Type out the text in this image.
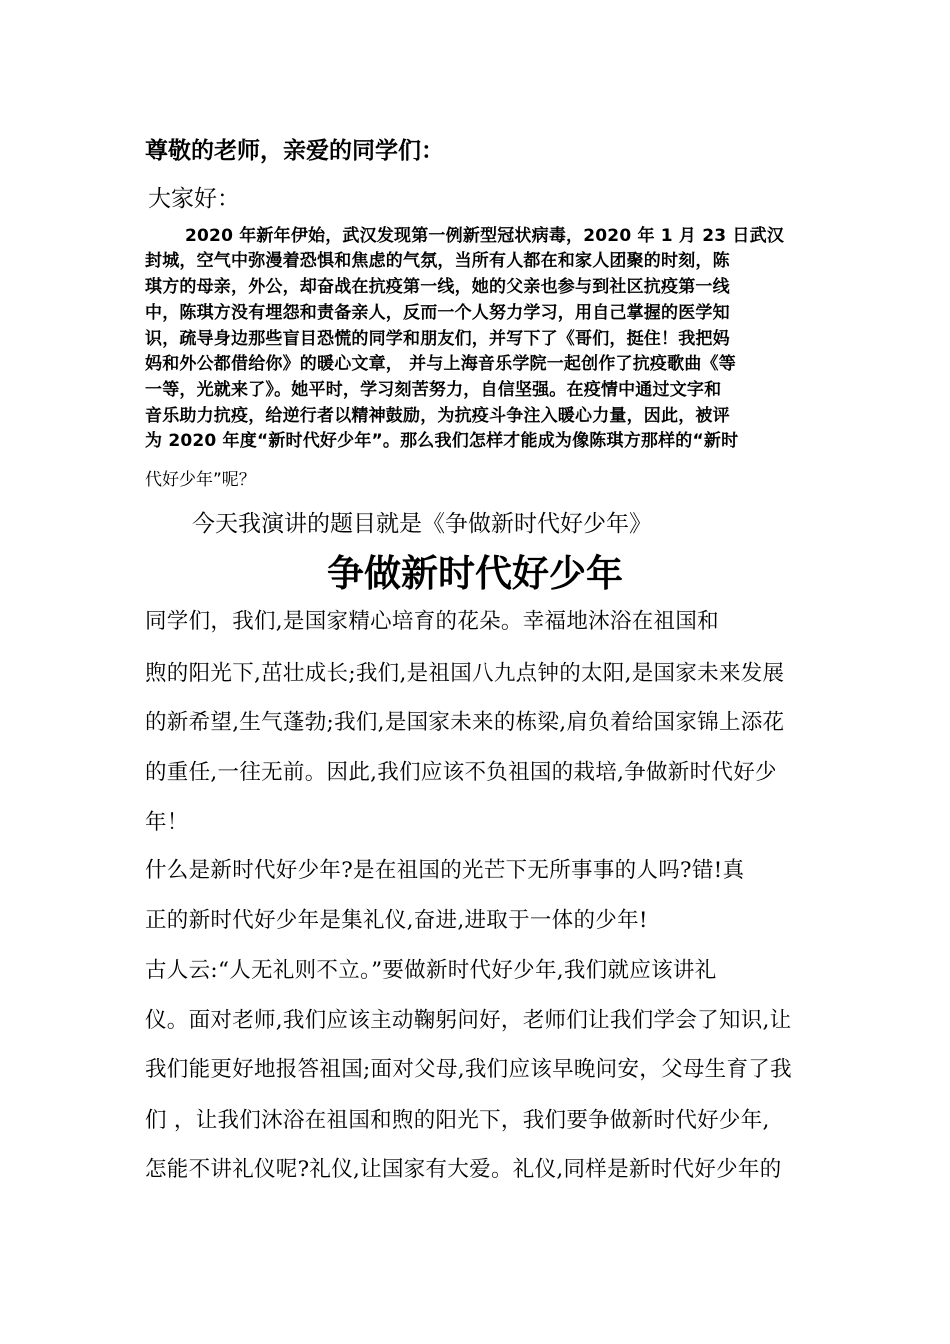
尊敬的老师，亲爱的同学们：

大家好：

2020 年新年伊始，武汉发现第一例新型冠状病毒，2020 年 1 月 23 日武汉

封城，空气中弥漫着恐惧和焦虑的气氛，当所有人都在和家人团聚的时刻，陈

琪方的母亲，外公，却奋战在抗疫第一线，她的父亲也参与到社区抗疫第一线

中，陈琪方没有埋怨和责备亲人，反而一个人努力学习，用自己掌握的医学知

识，疏导身边那些盲目恐慌的同学和朋友们，并写下了《哥们，挺住！我把妈

妈和外公都借给你》的暖心文章， 并与上海音乐学院一起创作了抗疫歌曲《等

一等，光就来了》。她平时，学习刻苦努力，自信坚强。在疫情中通过文字和

音乐助力抗疫，给逆行者以精神鼓励，为抗疫斗争注入暖心力量，因此，被评

为 2020 年度“新时代好少年”。那么我们怎样才能成为像陈琪方那样的“新时

代好少年”呢？

今天我演讲的题目就是《争做新时代好少年》

争做新时代好少年

同学们，我们,是国家精心培育的花朵。幸福地沐浴在祖国和

煦的阳光下,茁壮成长;我们,是祖国八九点钟的太阳,是国家未来发展

的新希望,生气蓬勃;我们,是国家未来的栋梁,肩负着给国家锦上添花

的重任,一往无前。因此,我们应该不负祖国的栽培,争做新时代好少

年！

什么是新时代好少年?是在祖国的光芒下无所事事的人吗?错!真

正的新时代好少年是集礼仪,奋进,进取于一体的少年!

古人云:“人无礼则不立。”要做新时代好少年,我们就应该讲礼

仪。面对老师,我们应该主动鞠躬问好，老师们让我们学会了知识,让

我们能更好地报答祖国;面对父母,我们应该早晚问安，父母生育了我

们 ，让我们沐浴在祖国和煦的阳光下，我们要争做新时代好少年,

怎能不讲礼仪呢?礼仪,让国家有大爱。礼仪,同样是新时代好少年的
